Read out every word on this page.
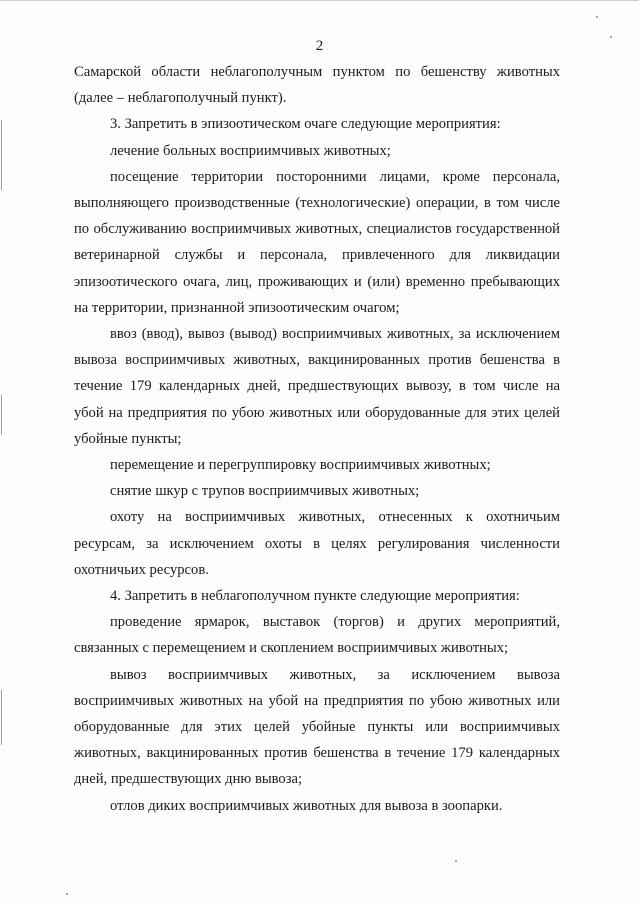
2

Самарской области неблагополучным пунктом по бешенству животных (далее – неблагополучный пункт).

3. Запретить в эпизоотическом очаге следующие мероприятия:

лечение больных восприимчивых животных;

посещение территории посторонними лицами, кроме персонала, выполняющего производственные (технологические) операции, в том числе по обслуживанию восприимчивых животных, специалистов государственной ветеринарной службы и персонала, привлеченного для ликвидации эпизоотического очага, лиц, проживающих и (или) временно пребывающих на территории, признанной эпизоотическим очагом;

ввоз (ввод), вывоз (вывод) восприимчивых животных, за исключением вывоза восприимчивых животных, вакцинированных против бешенства в течение 179 календарных дней, предшествующих вывозу, в том числе на убой на предприятия по убою животных или оборудованные для этих целей убойные пункты;

перемещение и перегруппировку восприимчивых животных;

снятие шкур с трупов восприимчивых животных;

охоту на восприимчивых животных, отнесенных к охотничьим ресурсам, за исключением охоты в целях регулирования численности охотничьих ресурсов.

4. Запретить в неблагополучном пункте следующие мероприятия:

проведение ярмарок, выставок (торгов) и других мероприятий, связанных с перемещением и скоплением восприимчивых животных;

вывоз восприимчивых животных, за исключением вывоза восприимчивых животных на убой на предприятия по убою животных или оборудованные для этих целей убойные пункты или восприимчивых животных, вакцинированных против бешенства в течение 179 календарных дней, предшествующих дню вывоза;

отлов диких восприимчивых животных для вывоза в зоопарки.
